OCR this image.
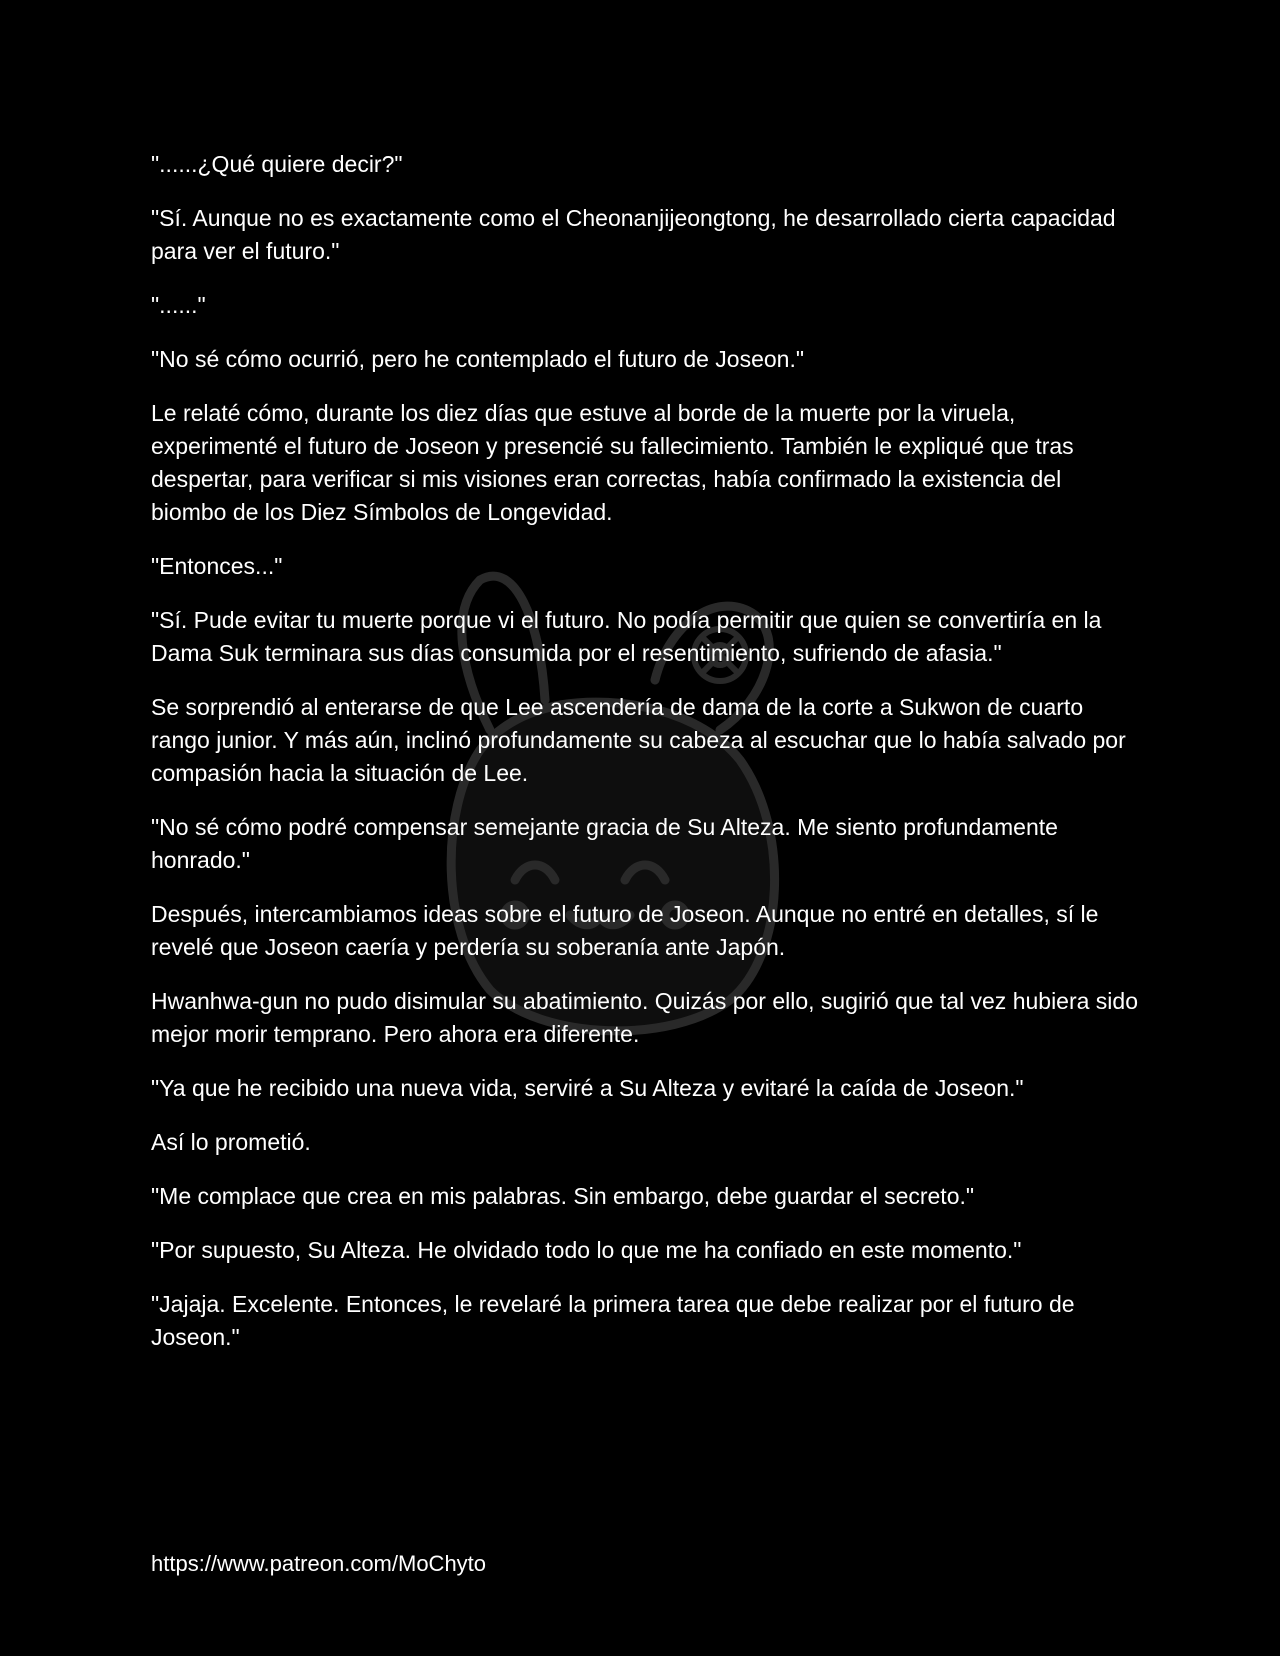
"......¿Qué quiere decir?"

"Sí. Aunque no es exactamente como el Cheonanjijeongtong, he desarrollado cierta capacidad para ver el futuro."

"......"

"No sé cómo ocurrió, pero he contemplado el futuro de Joseon."

Le relaté cómo, durante los diez días que estuve al borde de la muerte por la viruela, experimenté el futuro de Joseon y presencié su fallecimiento. También le expliqué que tras despertar, para verificar si mis visiones eran correctas, había confirmado la existencia del biombo de los Diez Símbolos de Longevidad.

"Entonces..."

"Sí. Pude evitar tu muerte porque vi el futuro. No podía permitir que quien se convertiría en la Dama Suk terminara sus días consumida por el resentimiento, sufriendo de afasia."

Se sorprendió al enterarse de que Lee ascendería de dama de la corte a Sukwon de cuarto rango junior. Y más aún, inclinó profundamente su cabeza al escuchar que lo había salvado por compasión hacia la situación de Lee.

"No sé cómo podré compensar semejante gracia de Su Alteza. Me siento profundamente honrado."

Después, intercambiamos ideas sobre el futuro de Joseon. Aunque no entré en detalles, sí le revelé que Joseon caería y perdería su soberanía ante Japón.

Hwanhwa-gun no pudo disimular su abatimiento. Quizás por ello, sugirió que tal vez hubiera sido mejor morir temprano. Pero ahora era diferente.

"Ya que he recibido una nueva vida, serviré a Su Alteza y evitaré la caída de Joseon."

Así lo prometió.

"Me complace que crea en mis palabras. Sin embargo, debe guardar el secreto."

"Por supuesto, Su Alteza. He olvidado todo lo que me ha confiado en este momento."

"Jajaja. Excelente. Entonces, le revelaré la primera tarea que debe realizar por el futuro de Joseon."

https://www.patreon.com/MoChyto
